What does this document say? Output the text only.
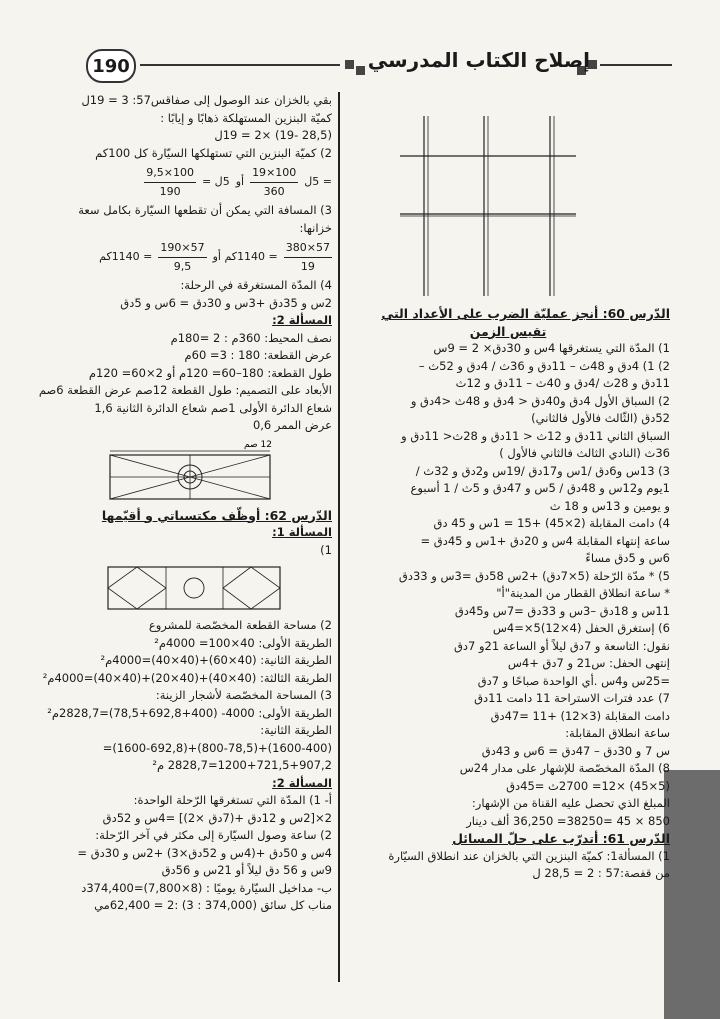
إصلاح الكتاب المدرسي
190
بقي بالخزان عند الوصول إلى صفاقس57: 3 = 19ل
كميّة البنزين المستهلكة ذهابًا و إيابًا :
(28,5 -19) ×2 = 19ل
2) كميّة البنزين التي تستهلكها السيّارة كل 100كم
= 5ل
$\frac{100\times 19}{360}$
أو
5ل =
$\frac{100\times 9,5}{190}$
3) المسافة التي يمكن أن تقطعها السيّارة بكامل سعة
خزانها:
$\frac{57\times 380}{19}$
= 1140كم أو
$\frac{57\times 190}{9,5}$
= 1140كم
4) المدّة المستغرقة في الرحلة:
2س و 35دق +3س و 30دق = 6س و 5دق
المسألة 2:
نصف المحيط: 360م : 2 =180م
عرض القطعة: 180 : 3= 60م
طول القطعة: 180–60= 120م أو 2×60= 120م
الأبعاد على التصميم: طول القطعة 12صم عرض القطعة 6صم
شعاع الدائرة الأولى 1صم شعاع الدائرة الثانية 1,6
عرض الممر 0,6
12 صم
الدّرس 62: أوظّف مكتسباتي و أقيّمها
المسألة 1:
1)
2) مساحة القطعة المخصّصة للمشروع
الطريقة الأولى: 40×100= 4000م²
الطريقة الثانية: (40×60)+(40×40)=4000م²
الطريقة الثالثة: (40×40)+(40×20)+(40×40)=4000م²
3) المساحة المخصّصة لأشجار الزينة:
الطريقة الأولى: 4000- (400+692,8+78,5)=2828,7م²
الطريقة الثانية:
(1600-400)+(800-78,5)+(1600-692,8)=
1200+721,5+907,2=2828,7 م²
المسألة 2:
أ- 1) المدّة التي تستغرقها الرّحلة الواحدة:
2×[2س و 12دق +(7دق ×2)] =4س و 52دق
2) ساعة وصول السيّارة إلى مكثر في آخر الرّحلة:
4س و 50دق +(4س و 52دق×3) +2س و 30دق =
9س و 56 دق ليلاً أو 21س و 56دق
ب- مداخيل السيّارة يوميًا : (8×7,800)=374,400د
مناب كل سائق (374,000 : 3) :2 = 62,400مي
الدّرس 60: أنجز عمليّة الضرب على الأعداد التي
تقيس الزمن
1) المدّة التي يستغرقها 4س و 30دق× 2 = 9س
2) 1) 4دق و 48ث – 11دق و 36ث / 4دق و 52ث –
11دق و 28ث /4دق و 40ث – 11دق و 12ث
2) السباق الأول 4دق و40دق < 4دق و 48ث <4دق و
52دق (الثّالث فالأول فالثاني)
السباق الثاني 11دق و 12ث < 11دق و 28ث< 11دق و
36ث (النادي الثالث فالثاني فالأول )
3) 13س و6دق /1س و17دق /19س و2دق و 32ث /
1يوم و12س و 48دق / 5س و 47دق و 5ث / 1 أسبوع
و يومين و 13س و 18 ث
4) دامت المقابلة (2×45) +15 = 1س و 45 دق
ساعة إنتهاء المقابلة 4س و 20دق +1س و 45دق =
6س و 5دق مساءً
5) * مدّة الرّحلة (5×7دق) +2س 58دق =3س و 33دق
* ساعة انطلاق القطار من المدينة"أ"
11س و 18دق –3س و 33دق =7س و45دق
6) إستغرق الحفل (4×12)5×=4س
نقول: التاسعة و 7دق ليلاً أو الساعة 21و 7دق
إنتهى الحفل: س21 و 7دق +4س
=25س و4س .أي الواحدة صباحًا و 7دق
7) عدد فترات الاستراحة 11 دامت 11دق
دامت المقابلة (3×12) +11 =47دق
ساعة انطلاق المقابلة:
س 7 و 30دق – 47دق = 6س و 43دق
8) المدّة المخصّصة للإشهار على مدار 24س
(5×45) ×12= 2700ث =45دق
المبلغ الذي تحصل عليه القناة من الإشهار:
850 × 45 =38250= 36,250 ألف دينار
الدّرس 61: أتدرّب على حلّ المسائل
1) المسألة1: كميّة البنزين التي بالخزان عند انطلاق السيّارة
من قفصة:57 : 2 = 28,5 ل
